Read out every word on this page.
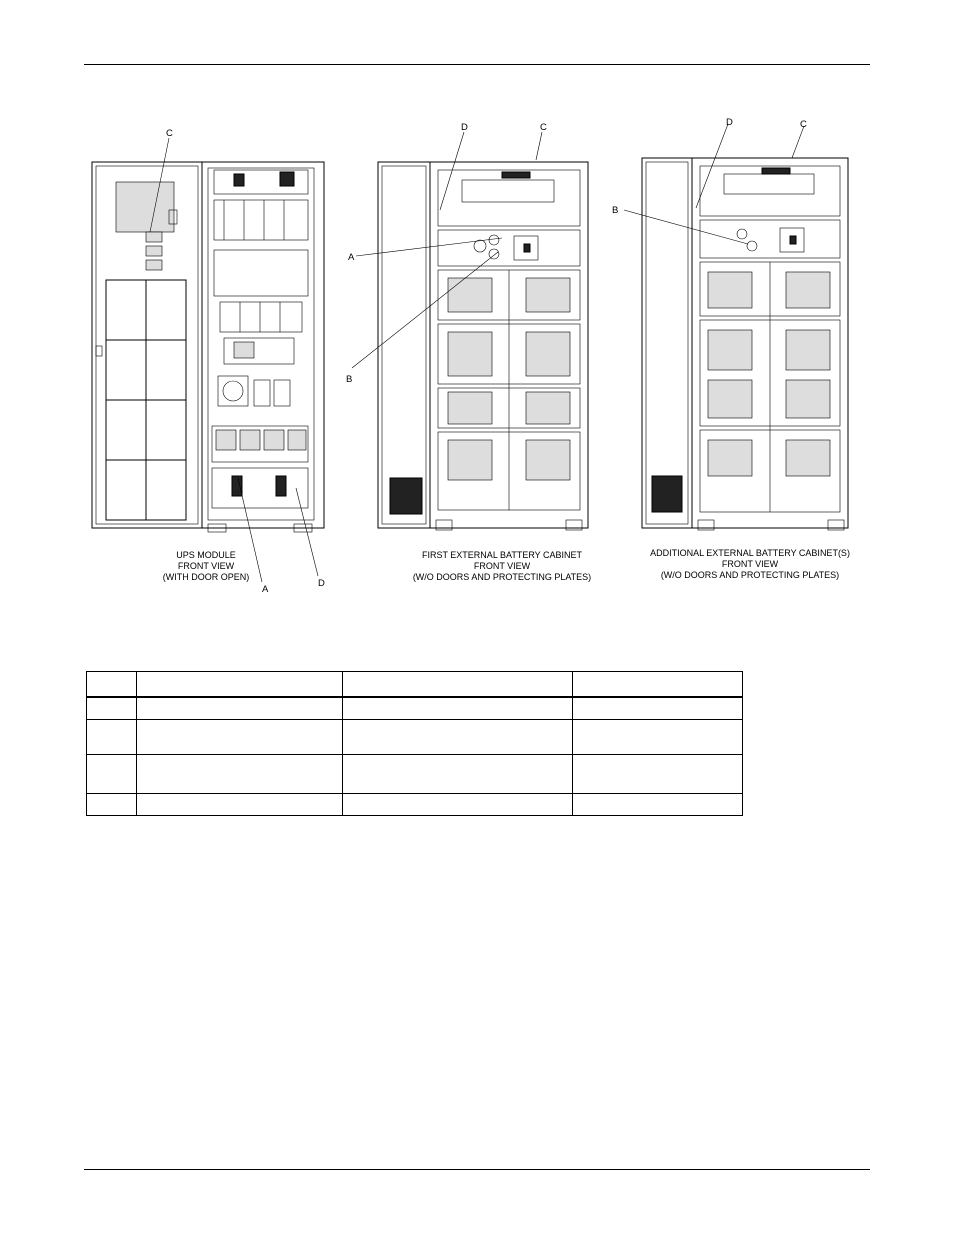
C
A
D
UPS MODULE
FRONT VIEW
(WITH DOOR OPEN)
D	C
A
B
FIRST EXTERNAL BATTERY CABINET
FRONT VIEW
(W/O DOORS AND PROTECTING PLATES)
D	C
B
ADDITIONAL EXTERNAL BATTERY CABINET(S)
FRONT VIEW
(W/O DOORS AND PROTECTING PLATES)
